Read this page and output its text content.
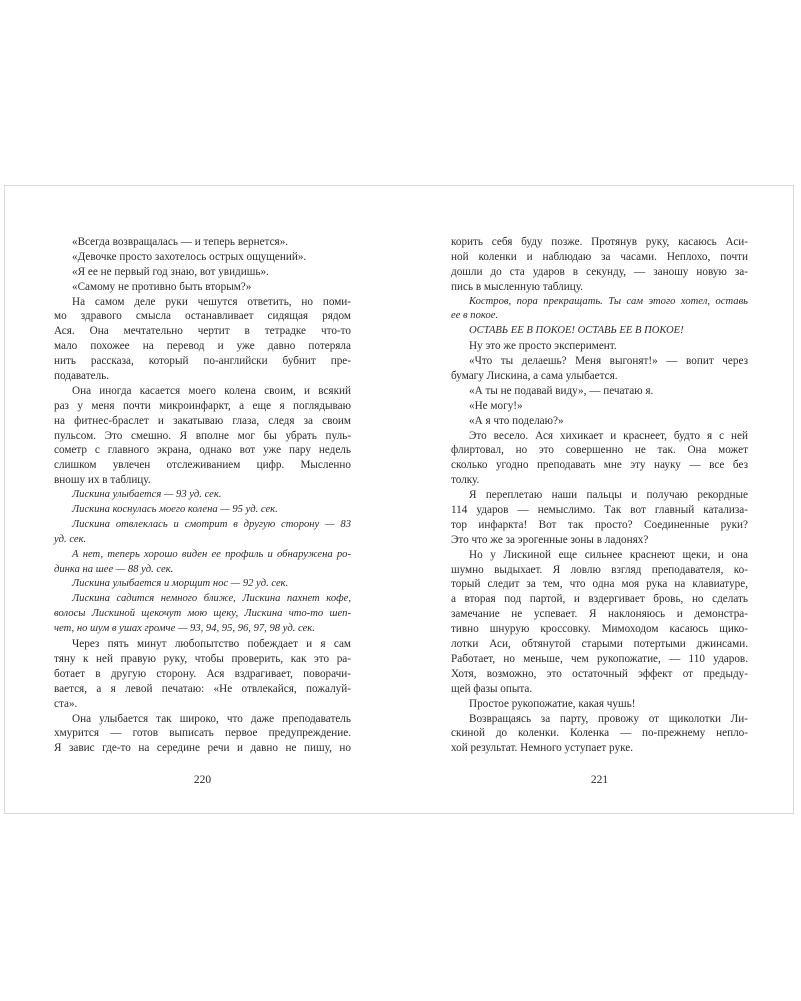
«Всегда возвращалась — и теперь вернется».
«Девочке просто захотелось острых ощущений».
«Я ее не первый год знаю, вот увидишь».
«Самому не противно быть вторым?»
На самом деле руки чешутся ответить, но поми-
мо здравого смысла останавливает сидящая рядом
Ася. Она мечтательно чертит в тетрадке что-то
мало похожее на перевод и уже давно потеряла
нить рассказа, который по-английски бубнит пре-
подаватель.
Она иногда касается моего колена своим, и всякий
раз у меня почти микроинфаркт, а еще я поглядываю
на фитнес-браслет и закатываю глаза, следя за своим
пульсом. Это смешно. Я вполне мог бы убрать пуль-
сометр с главного экрана, однако вот уже пару недель
слишком увлечен отслеживанием цифр. Мысленно
вношу их в таблицу.
Лискина улыбается — 93 уд. сек.
Лискина коснулась моего колена — 95 уд. сек.
Лискина отвлеклась и смотрит в другую сторону — 83
уд. сек.
А нет, теперь хорошо виден ее профиль и обнаружена ро-
динка на шее — 88 уд. сек.
Лискина улыбается и морщит нос — 92 уд. сек.
Лискина садится немного ближе, Лискина пахнет кофе,
волосы Лискиной щекочут мою щеку, Лискина что-то шеп-
чет, но шум в ушах громче — 93, 94, 95, 96, 97, 98 уд. сек.
Через пять минут любопытство побеждает и я сам
тяну к ней правую руку, чтобы проверить, как это ра-
ботает в другую сторону. Ася вздрагивает, поворачи-
вается, а я левой печатаю: «Не отвлекайся, пожалуй-
ста».
Она улыбается так широко, что даже преподаватель
хмурится — готов выписать первое предупреждение.
Я завис где-то на середине речи и давно не пишу, но
корить себя буду позже. Протянув руку, касаюсь Аси-
ной коленки и наблюдаю за часами. Неплохо, почти
дошли до ста ударов в секунду, — заношу новую за-
пись в мысленную таблицу.
Костров, пора прекращать. Ты сам этого хотел, оставь
ее в покое.
ОСТАВЬ ЕЕ В ПОКОЕ! ОСТАВЬ ЕЕ В ПОКОЕ!
Ну это же просто эксперимент.
«Что ты делаешь? Меня выгонят!» — вопит через
бумагу Лискина, а сама улыбается.
«А ты не подавай виду», — печатаю я.
«Не могу!»
«А я что поделаю?»
Это весело. Ася хихикает и краснеет, будто я с ней
флиртовал, но это совершенно не так. Она может
сколько угодно преподавать мне эту науку — все без
толку.
Я переплетаю наши пальцы и получаю рекордные
114 ударов — немыслимо. Так вот главный катализа-
тор инфаркта! Вот так просто? Соединенные руки?
Это что же за эрогенные зоны в ладонях?
Но у Лискиной еще сильнее краснеют щеки, и она
шумно выдыхает. Я ловлю взгляд преподавателя, ко-
торый следит за тем, что одна моя рука на клавиатуре,
а вторая под партой, и вздергивает бровь, но сделать
замечание не успевает. Я наклоняюсь и демонстра-
тивно шнурую кроссовку. Мимоходом касаюсь щико-
лотки Аси, обтянутой старыми потертыми джинсами.
Работает, но меньше, чем рукопожатие, — 110 ударов.
Хотя, возможно, это остаточный эффект от предыду-
щей фазы опыта.
Простое рукопожатие, какая чушь!
Возвращаясь за парту, провожу от щиколотки Ли-
скиной до коленки. Коленка — по-прежнему непло-
хой результат. Немного уступает руке.
220	221
